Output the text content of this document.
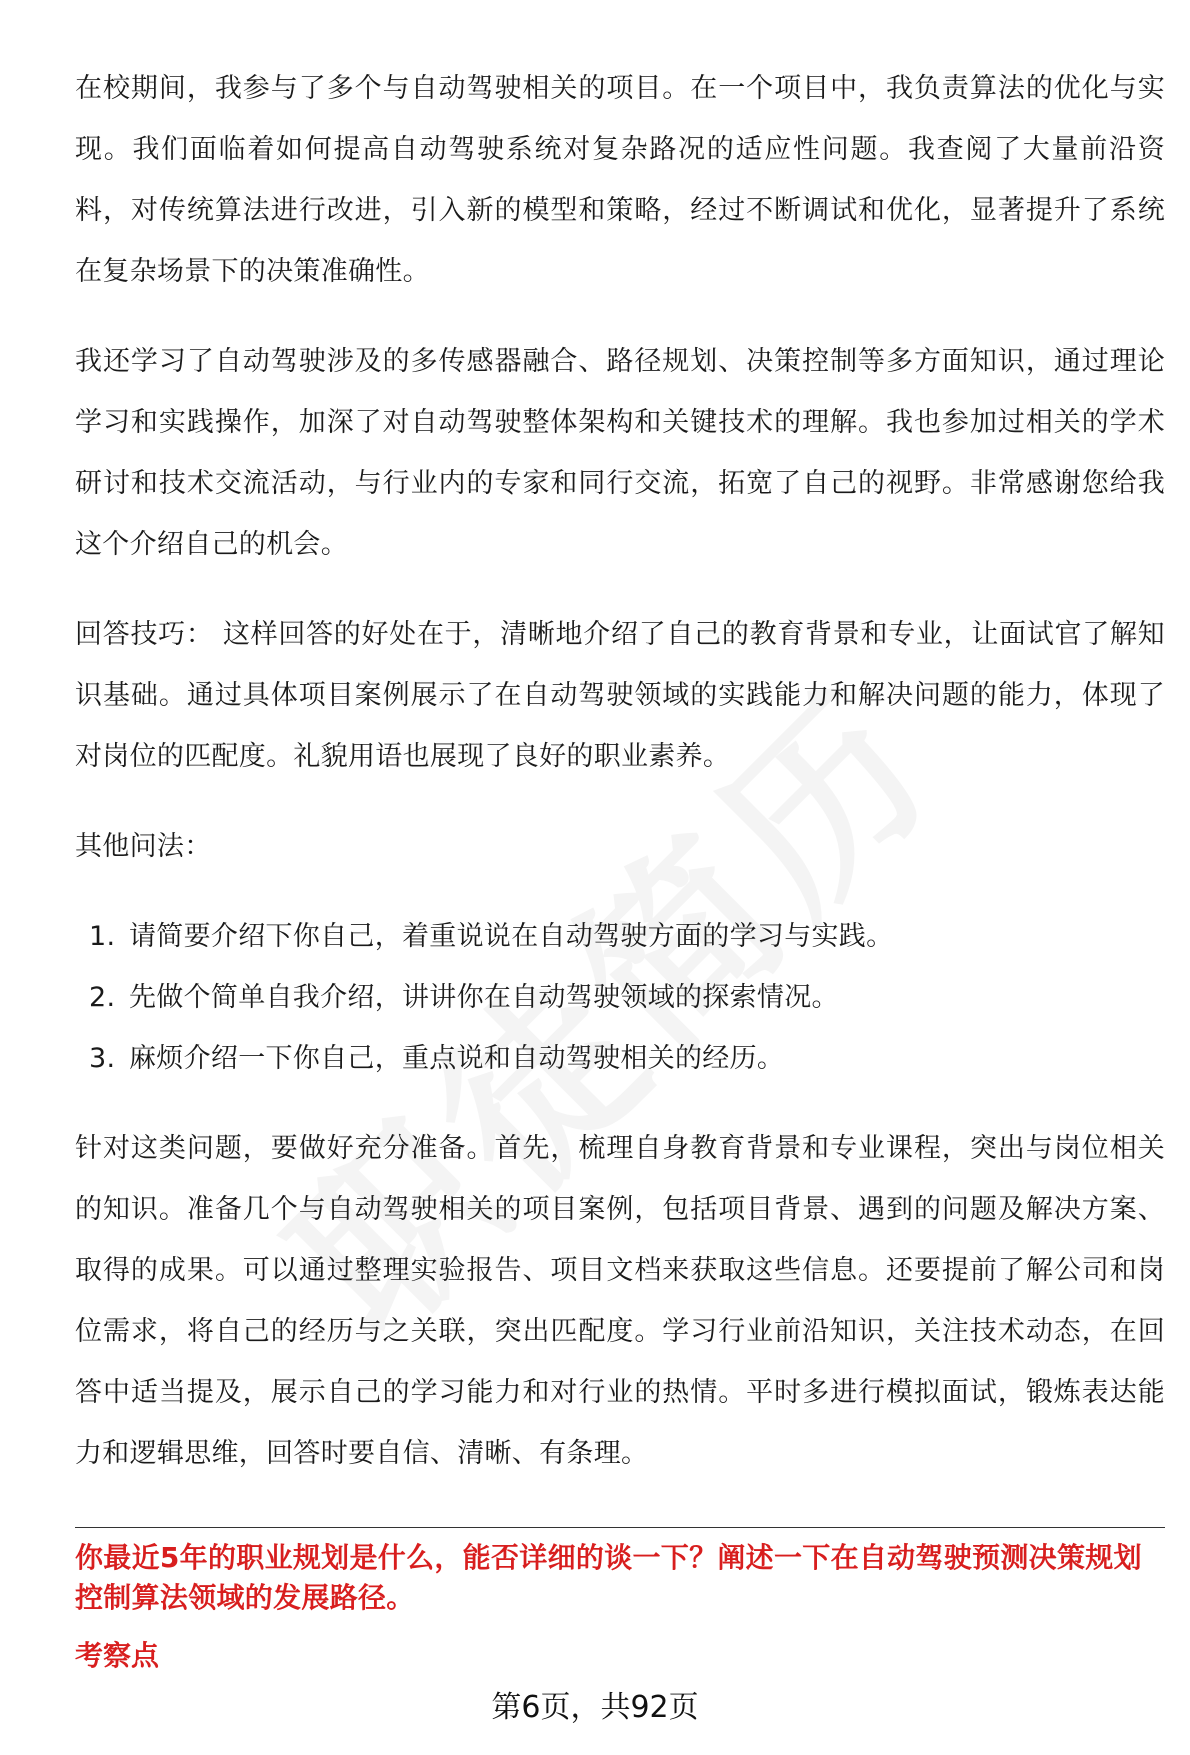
在校期间，我参与了多个与自动驾驶相关的项目。在一个项目中，我负责算法的优化与实现。我们面临着如何提高自动驾驶系统对复杂路况的适应性问题。我查阅了大量前沿资料，对传统算法进行改进，引入新的模型和策略，经过不断调试和优化，显著提升了系统在复杂场景下的决策准确性。

我还学习了自动驾驶涉及的多传感器融合、路径规划、决策控制等多方面知识，通过理论学习和实践操作，加深了对自动驾驶整体架构和关键技术的理解。我也参加过相关的学术研讨和技术交流活动，与行业内的专家和同行交流，拓宽了自己的视野。非常感谢您给我这个介绍自己的机会。

回答技巧： 这样回答的好处在于，清晰地介绍了自己的教育背景和专业，让面试官了解知识基础。通过具体项目案例展示了在自动驾驶领域的实践能力和解决问题的能力，体现了对岗位的匹配度。礼貌用语也展现了良好的职业素养。

其他问法：

1. 请简要介绍下你自己，着重说说在自动驾驶方面的学习与实践。
2. 先做个简单自我介绍，讲讲你在自动驾驶领域的探索情况。
3. 麻烦介绍一下你自己，重点说和自动驾驶相关的经历。

针对这类问题，要做好充分准备。首先，梳理自身教育背景和专业课程，突出与岗位相关的知识。准备几个与自动驾驶相关的项目案例，包括项目背景、遇到的问题及解决方案、取得的成果。可以通过整理实验报告、项目文档来获取这些信息。还要提前了解公司和岗位需求，将自己的经历与之关联，突出匹配度。学习行业前沿知识，关注技术动态，在回答中适当提及，展示自己的学习能力和对行业的热情。平时多进行模拟面试，锻炼表达能力和逻辑思维，回答时要自信、清晰、有条理。

你最近5年的职业规划是什么，能否详细的谈一下？阐述一下在自动驾驶预测决策规划控制算法领域的发展路径。
考察点
第6页，共92页
